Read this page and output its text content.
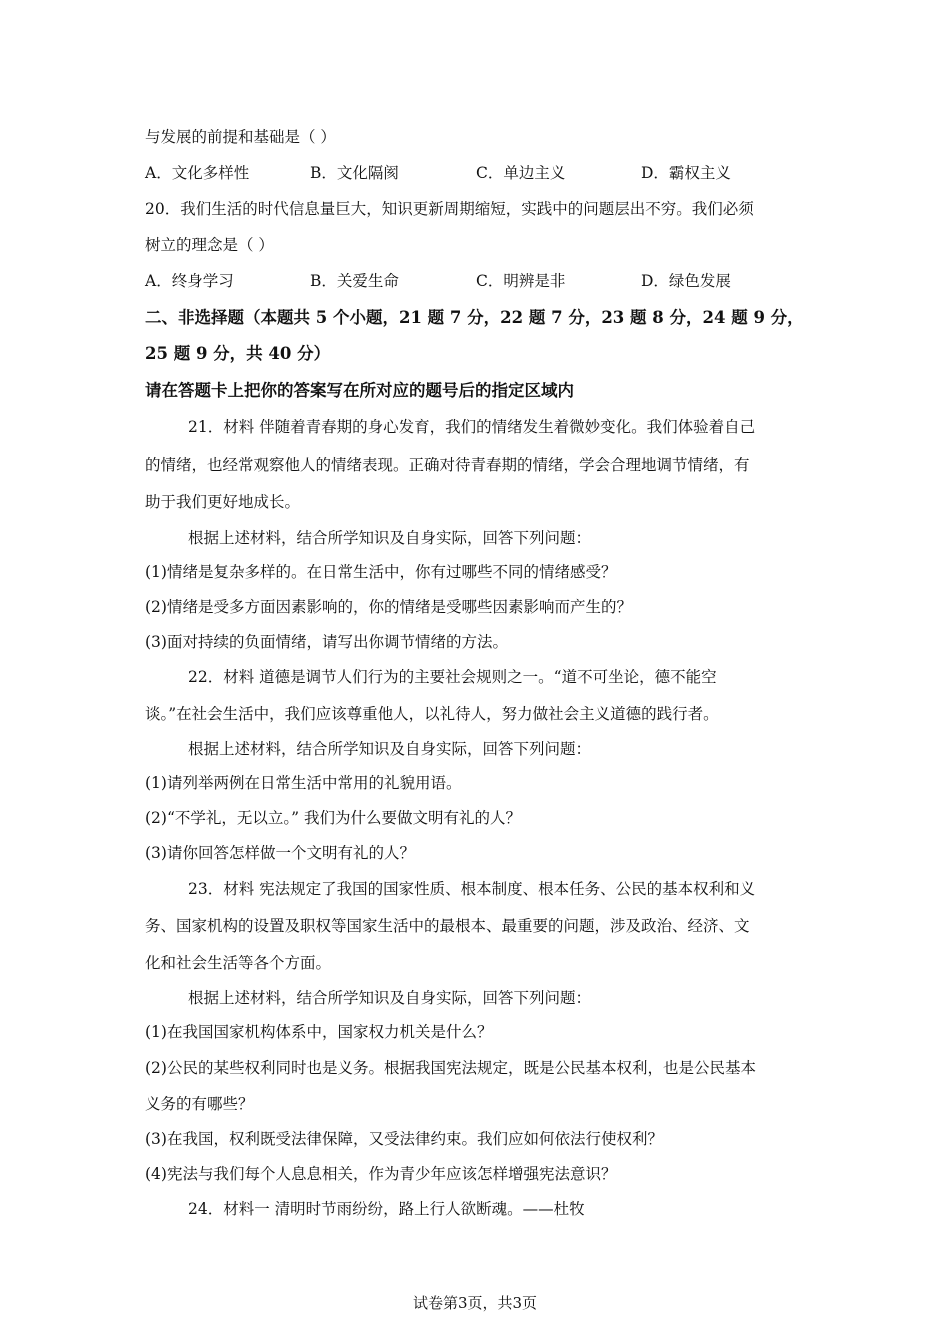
与发展的前提和基础是（ ）
A．文化多样性	B．文化隔阂	C．单边主义	D．霸权主义
20．我们生活的时代信息量巨大，知识更新周期缩短，实践中的问题层出不穷。我们必须
树立的理念是（ ）
A．终身学习	B．关爱生命	C．明辨是非	D．绿色发展
二、非选择题（本题共 5 个小题，21 题 7 分，22 题 7 分，23 题 8 分，24 题 9 分，
25 题 9 分，共 40 分）
请在答题卡上把你的答案写在所对应的题号后的指定区域内
21．材料 伴随着青春期的身心发育，我们的情绪发生着微妙变化。我们体验着自己
的情绪，也经常观察他人的情绪表现。正确对待青春期的情绪，学会合理地调节情绪，有
助于我们更好地成长。
根据上述材料，结合所学知识及自身实际，回答下列问题：
(1)情绪是复杂多样的。在日常生活中，你有过哪些不同的情绪感受？
(2)情绪是受多方面因素影响的，你的情绪是受哪些因素影响而产生的？
(3)面对持续的负面情绪，请写出你调节情绪的方法。
22．材料 道德是调节人们行为的主要社会规则之一。“道不可坐论，德不能空
谈。”在社会生活中，我们应该尊重他人，以礼待人，努力做社会主义道德的践行者。
根据上述材料，结合所学知识及自身实际，回答下列问题：
(1)请列举两例在日常生活中常用的礼貌用语。
(2)“不学礼，无以立。” 我们为什么要做文明有礼的人？
(3)请你回答怎样做一个文明有礼的人？
23．材料 宪法规定了我国的国家性质、根本制度、根本任务、公民的基本权利和义
务、国家机构的设置及职权等国家生活中的最根本、最重要的问题，涉及政治、经济、文
化和社会生活等各个方面。
根据上述材料，结合所学知识及自身实际，回答下列问题：
(1)在我国国家机构体系中，国家权力机关是什么？
(2)公民的某些权利同时也是义务。根据我国宪法规定，既是公民基本权利，也是公民基本
义务的有哪些？
(3)在我国，权利既受法律保障，又受法律约束。我们应如何依法行使权利？
(4)宪法与我们每个人息息相关，作为青少年应该怎样增强宪法意识？
24．材料一 清明时节雨纷纷，路上行人欲断魂。——杜牧
试卷第3页，共3页
